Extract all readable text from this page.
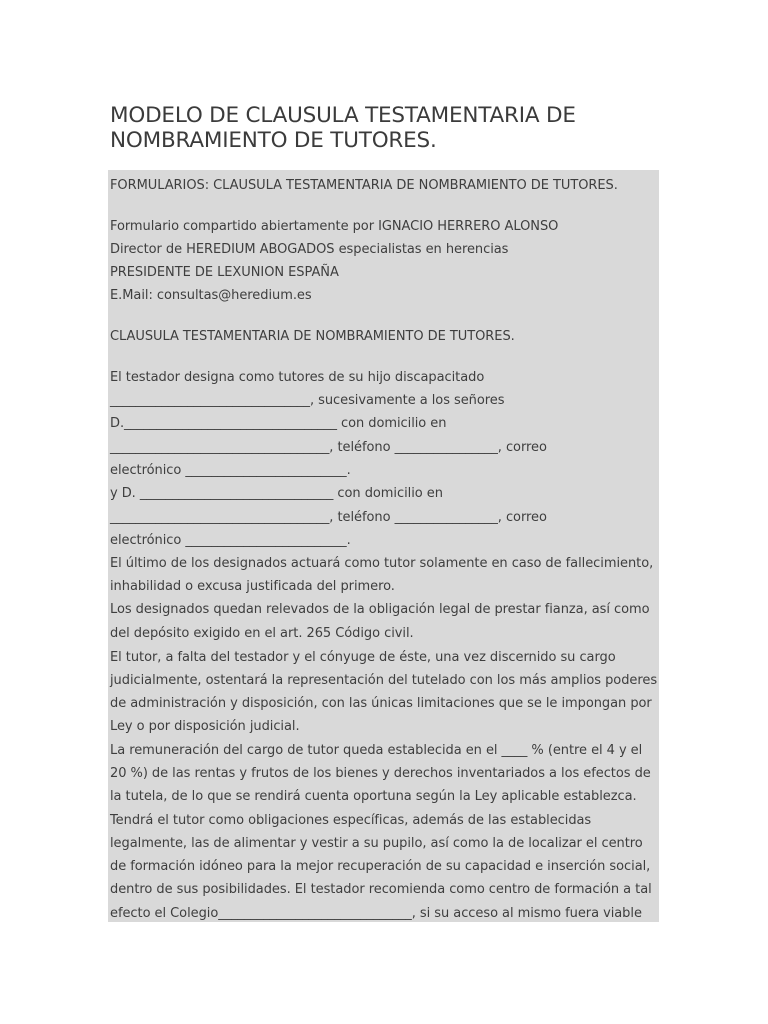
MODELO DE CLAUSULA TESTAMENTARIA DE
NOMBRAMIENTO DE TUTORES.
FORMULARIOS: CLAUSULA TESTAMENTARIA DE NOMBRAMIENTO DE TUTORES.
Formulario compartido abiertamente por IGNACIO HERRERO ALONSO
Director de HEREDIUM ABOGADOS especialistas en herencias
PRESIDENTE DE LEXUNION ESPAÑA
E.Mail: consultas@heredium.es
CLAUSULA TESTAMENTARIA DE NOMBRAMIENTO DE TUTORES.
El testador designa como tutores de su hijo discapacitado
_______________________________, sucesivamente a los señores
D._________________________________ con domicilio en
__________________________________, teléfono ________________, correo
electrónico _________________________.
y D. ______________________________ con domicilio en
__________________________________, teléfono ________________, correo
electrónico _________________________.
El último de los designados actuará como tutor solamente en caso de fallecimiento,
inhabilidad o excusa justificada del primero.
Los designados quedan relevados de la obligación legal de prestar fianza, así como
del depósito exigido en el art. 265 Código civil.
El tutor, a falta del testador y el cónyuge de éste, una vez discernido su cargo
judicialmente, ostentará la representación del tutelado con los más amplios poderes
de administración y disposición, con las únicas limitaciones que se le impongan por
Ley o por disposición judicial.
La remuneración del cargo de tutor queda establecida en el ____ % (entre el 4 y el
20 %) de las rentas y frutos de los bienes y derechos inventariados a los efectos de
la tutela, de lo que se rendirá cuenta oportuna según la Ley aplicable establezca.
Tendrá el tutor como obligaciones específicas, además de las establecidas
legalmente, las de alimentar y vestir a su pupilo, así como la de localizar el centro
de formación idóneo para la mejor recuperación de su capacidad e inserción social,
dentro de sus posibilidades. El testador recomienda como centro de formación a tal
efecto el Colegio______________________________, si su acceso al mismo fuera viable
